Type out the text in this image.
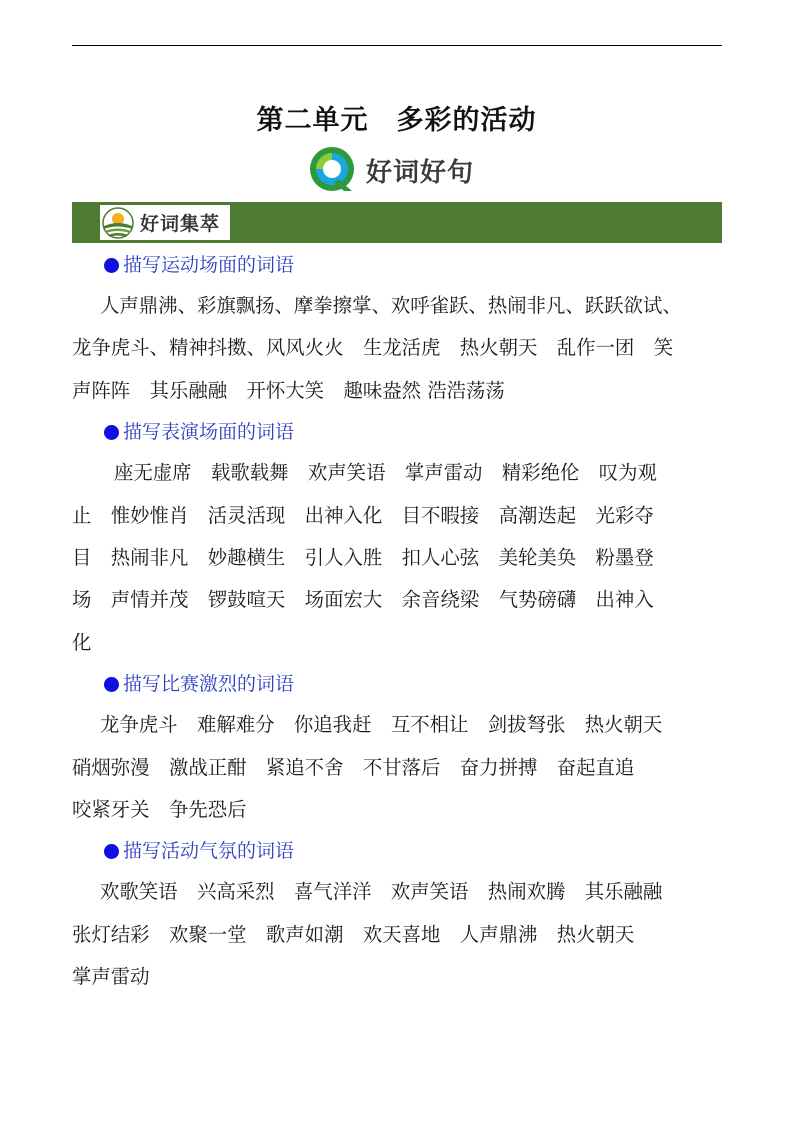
第二单元　多彩的活动
好词好句
好词集萃
描写运动场面的词语

人声鼎沸、彩旗飘扬、摩拳擦掌、欢呼雀跃、热闹非凡、跃跃欲试、

龙争虎斗、精神抖擞、风风火火　生龙活虎　热火朝天　乱作一团　笑

声阵阵　其乐融融　开怀大笑　趣味盎然 浩浩荡荡

描写表演场面的词语

座无虚席　载歌载舞　欢声笑语　掌声雷动　精彩绝伦　叹为观

止　惟妙惟肖　活灵活现　出神入化　目不暇接　高潮迭起　光彩夺

目　热闹非凡　妙趣横生　引人入胜　扣人心弦　美轮美奂　粉墨登

场　声情并茂　锣鼓喧天　场面宏大　余音绕梁　气势磅礴　出神入

化

描写比赛激烈的词语

龙争虎斗　难解难分　你追我赶　互不相让　剑拔弩张　热火朝天

硝烟弥漫　激战正酣　紧追不舍　不甘落后　奋力拼搏　奋起直追

咬紧牙关　争先恐后

描写活动气氛的词语

欢歌笑语　兴高采烈　喜气洋洋　欢声笑语　热闹欢腾　其乐融融

张灯结彩　欢聚一堂　歌声如潮　欢天喜地　人声鼎沸　热火朝天

掌声雷动
